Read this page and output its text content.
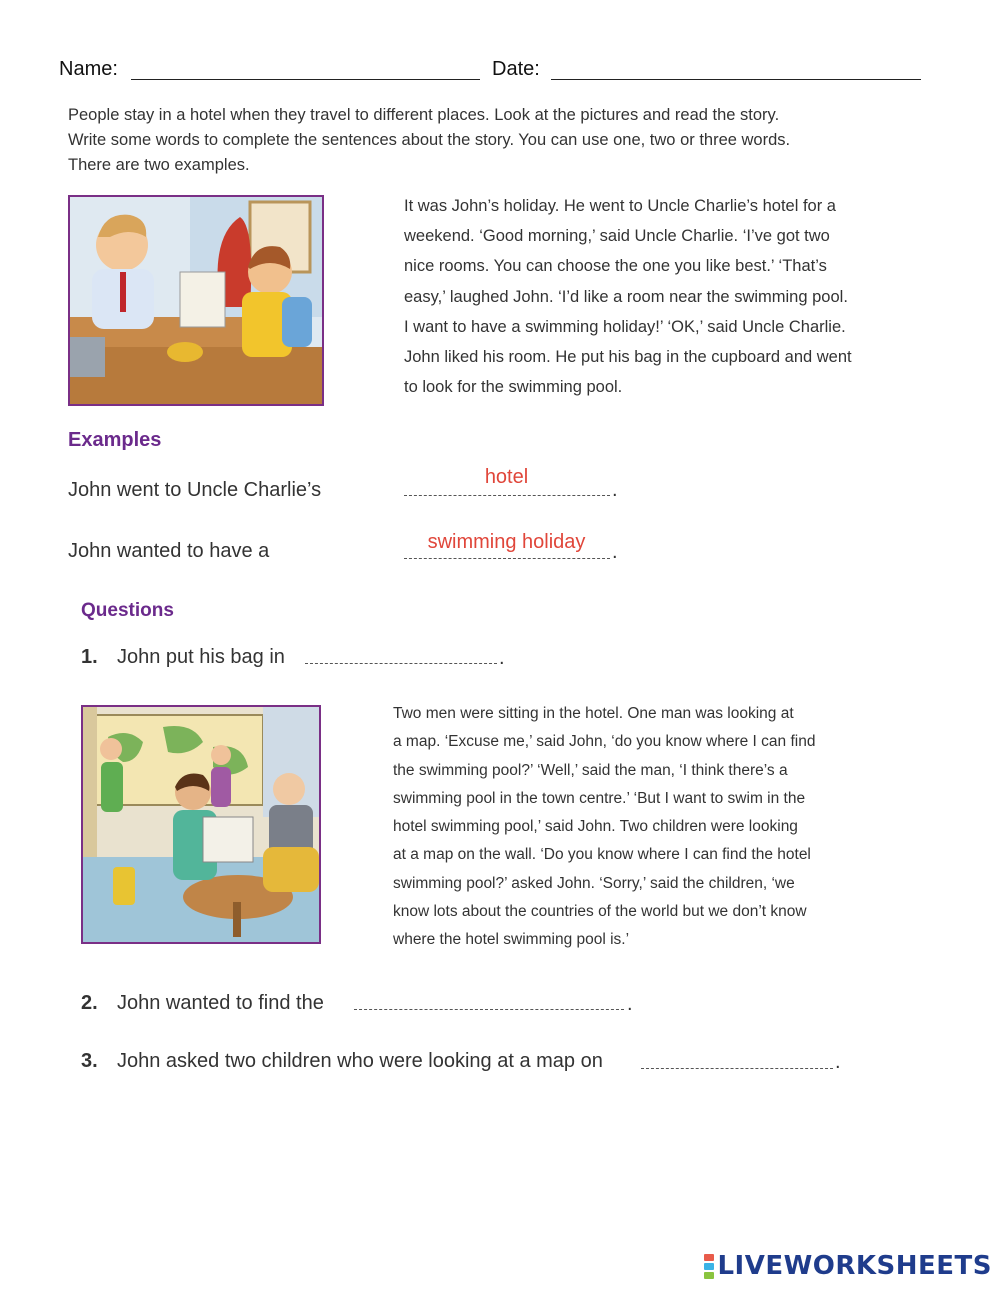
Name:	Date:
People stay in a hotel when they travel to different places. Look at the pictures and read the story.
Write some words to complete the sentences about the story. You can use one, two or three words.
There are two examples.
It was John’s holiday. He went to Uncle Charlie’s hotel for a
weekend. ‘Good morning,’ said Uncle Charlie. ‘I’ve got two
nice rooms. You can choose the one you like best.’ ‘That’s
easy,’ laughed John. ‘I’d like a room near the swimming pool.
I want to have a swimming holiday!’ ‘OK,’ said Uncle Charlie.
John liked his room. He put his bag in the cupboard and went
to look for the swimming pool.
Examples
John went to Uncle Charlie’s
hotel
.
John wanted to have a	swimming holiday	.
Questions
1. John put his bag in	.
Two men were sitting in the hotel. One man was looking at
a map. ‘Excuse me,’ said John, ‘do you know where I can find
the swimming pool?’ ‘Well,’ said the man, ‘I think there’s a
swimming pool in the town centre.’ ‘But I want to swim in the
hotel swimming pool,’ said John. Two children were looking
at a map on the wall. ‘Do you know where I can find the hotel
swimming pool?’ asked John. ‘Sorry,’ said the children, ‘we
know lots about the countries of the world but we don’t know
where the hotel swimming pool is.’
2. John wanted to find the	.
3. John asked two children who were looking at a map on	.
LIVEWORKSHEETS
